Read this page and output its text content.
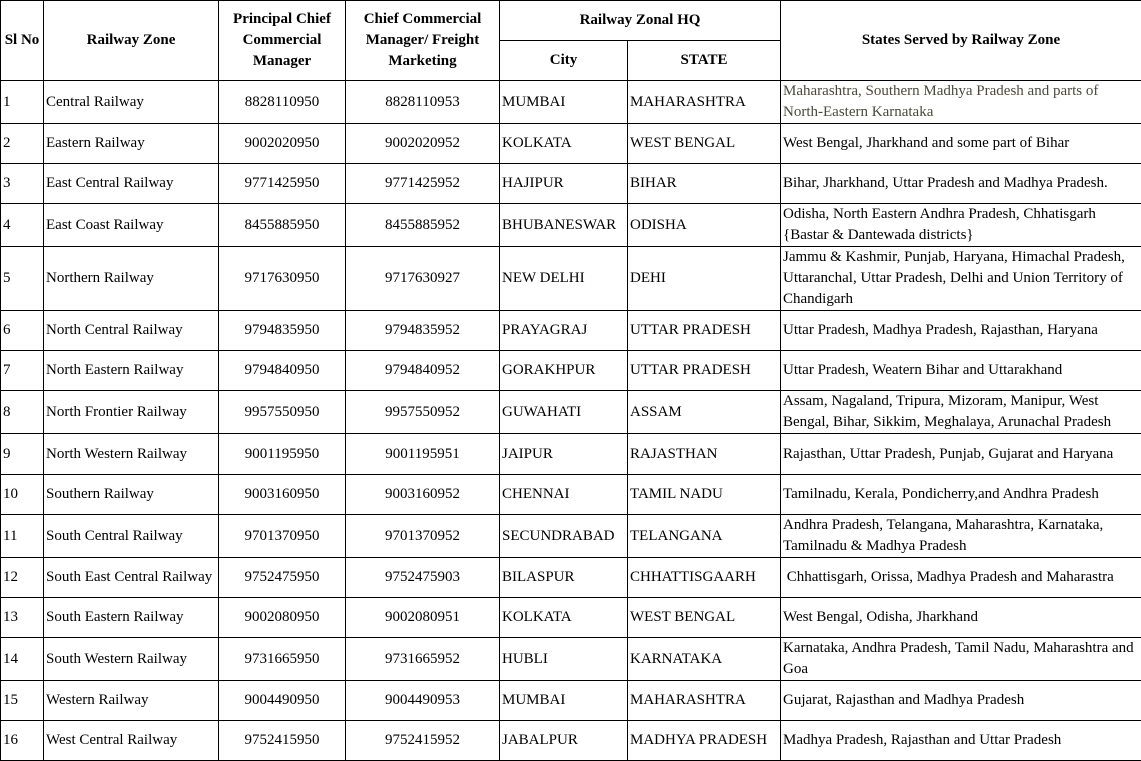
Sl No	Railway Zone	Principal Chief Commercial Manager	Chief Commercial Manager/ Freight Marketing	Railway Zonal HQ		States Served by Railway Zone
				City	STATE	
1	Central Railway	8828110950	8828110953	MUMBAI	MAHARASHTRA	Maharashtra, Southern Madhya Pradesh and parts of North-Eastern Karnataka
2	Eastern Railway	9002020950	9002020952	KOLKATA	WEST BENGAL	West Bengal, Jharkhand and some part of Bihar
3	East Central Railway	9771425950	9771425952	HAJIPUR	BIHAR	Bihar, Jharkhand, Uttar Pradesh and Madhya Pradesh.
4	East Coast Railway	8455885950	8455885952	BHUBANESWAR	ODISHA	Odisha, North Eastern Andhra Pradesh, Chhatisgarh {Bastar & Dantewada districts}
5	Northern Railway	9717630950	9717630927	NEW DELHI	DEHI	Jammu & Kashmir, Punjab, Haryana, Himachal Pradesh, Uttaranchal, Uttar Pradesh, Delhi and Union Territory of Chandigarh
6	North Central Railway	9794835950	9794835952	PRAYAGRAJ	UTTAR PRADESH	Uttar Pradesh, Madhya Pradesh, Rajasthan, Haryana
7	North Eastern Railway	9794840950	9794840952	GORAKHPUR	UTTAR PRADESH	Uttar Pradesh, Weatern Bihar and Uttarakhand
8	North Frontier Railway	9957550950	9957550952	GUWAHATI	ASSAM	Assam, Nagaland, Tripura, Mizoram, Manipur, West Bengal, Bihar, Sikkim, Meghalaya, Arunachal Pradesh
9	North Western Railway	9001195950	9001195951	JAIPUR	RAJASTHAN	Rajasthan, Uttar Pradesh, Punjab, Gujarat and Haryana
10	Southern Railway	9003160950	9003160952	CHENNAI	TAMIL NADU	Tamilnadu, Kerala, Pondicherry,and Andhra Pradesh
11	South Central Railway	9701370950	9701370952	SECUNDRABAD	TELANGANA	Andhra Pradesh, Telangana, Maharashtra, Karnataka, Tamilnadu & Madhya Pradesh
12	South East Central Railway	9752475950	9752475903	BILASPUR	CHHATTISGAARH	Chhattisgarh, Orissa, Madhya Pradesh and Maharastra
13	South Eastern Railway	9002080950	9002080951	KOLKATA	WEST BENGAL	West Bengal, Odisha, Jharkhand
14	South Western Railway	9731665950	9731665952	HUBLI	KARNATAKA	Karnataka, Andhra Pradesh, Tamil Nadu, Maharashtra and Goa
15	Western Railway	9004490950	9004490953	MUMBAI	MAHARASHTRA	Gujarat, Rajasthan and Madhya Pradesh
16	West Central Railway	9752415950	9752415952	JABALPUR	MADHYA PRADESH	Madhya Pradesh, Rajasthan and Uttar Pradesh
